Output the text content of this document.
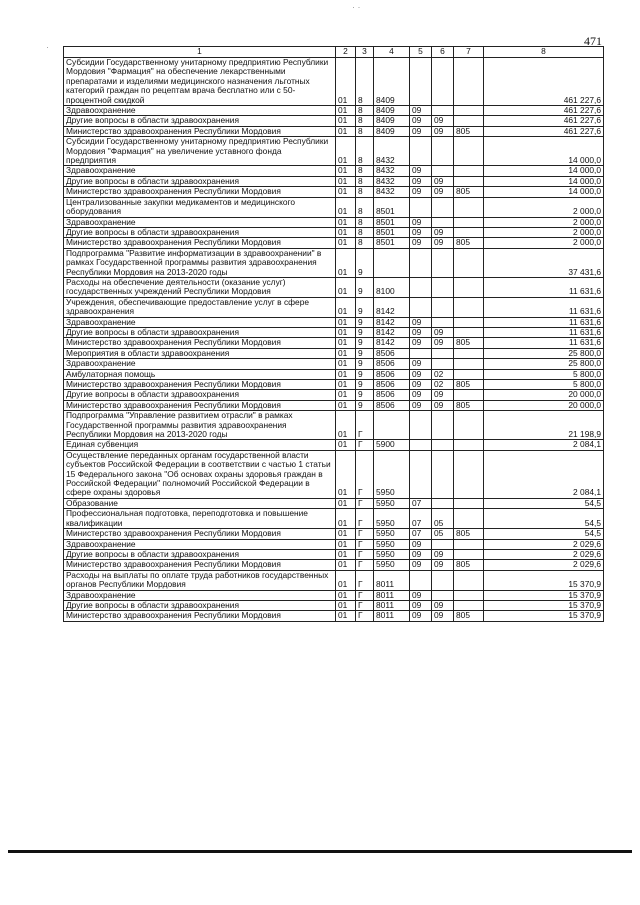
471
· ·
·	1	2	3	4	5	6	7	8
Субсидии Государственному унитарному предприятию Республики Мордовия "Фармация" на обеспечение лекарственными препаратами и изделиями медицинского назначения льготных категорий граждан по рецептам врача бесплатно или с 50-процентной скидкой	01	8	8409				461 227,6
Здравоохранение	01	8	8409	09			461 227,6
Другие вопросы в области здравоохранения	01	8	8409	09	09		461 227,6
Министерство здравоохранения Республики Мордовия	01	8	8409	09	09	805	461 227,6
Субсидии Государственному унитарному предприятию Республики Мордовия "Фармация" на увеличение уставного фонда предприятия	01	8	8432				14 000,0
Здравоохранение	01	8	8432	09			14 000,0
Другие вопросы в области здравоохранения	01	8	8432	09	09		14 000,0
Министерство здравоохранения Республики Мордовия	01	8	8432	09	09	805	14 000,0
Централизованные закупки медикаментов и медицинского оборудования	01	8	8501				2 000,0
Здравоохранение	01	8	8501	09			2 000,0
Другие вопросы в области здравоохранения	01	8	8501	09	09		2 000,0
Министерство здравоохранения Республики Мордовия	01	8	8501	09	09	805	2 000,0
Подпрограмма "Развитие информатизации в здравоохранении" в рамках Государственной программы развития здравоохранения Республики Мордовия на 2013-2020 годы	01	9					37 431,6
Расходы на обеспечение деятельности (оказание услуг) государственных учреждений Республики Мордовия	01	9	8100				11 631,6
Учреждения, обеспечивающие предоставление услуг в сфере здравоохранения	01	9	8142				11 631,6
Здравоохранение	01	9	8142	09			11 631,6
Другие вопросы в области здравоохранения	01	9	8142	09	09		11 631,6
Министерство здравоохранения Республики Мордовия	01	9	8142	09	09	805	11 631,6
Мероприятия в области здравоохранения	01	9	8506				25 800,0
Здравоохранение	01	9	8506	09			25 800,0
Амбулаторная помощь	01	9	8506	09	02		5 800,0
Министерство здравоохранения Республики Мордовия	01	9	8506	09	02	805	5 800,0
Другие вопросы в области здравоохранения	01	9	8506	09	09		20 000,0
Министерство здравоохранения Республики Мордовия	01	9	8506	09	09	805	20 000,0
Подпрограмма "Управление развитием отрасли" в рамках Государственной программы развития здравоохранения Республики Мордовия на 2013-2020 годы	01	Г					21 198,9
Единая субвенция	01	Г	5900				2 084,1
Осуществление переданных органам государственной власти субъектов Российской Федерации в соответствии с частью 1 статьи 15 Федерального закона "Об основах охраны здоровья граждан в Российской Федерации" полномочий Российской Федерации в сфере охраны здоровья	01	Г	5950				2 084,1
Образование	01	Г	5950	07			54,5
Профессиональная подготовка, переподготовка и повышение квалификации	01	Г	5950	07	05		54,5
Министерство здравоохранения Республики Мордовия	01	Г	5950	07	05	805	54,5
Здравоохранение	01	Г	5950	09			2 029,6
Другие вопросы в области здравоохранения	01	Г	5950	09	09		2 029,6
Министерство здравоохранения Республики Мордовия	01	Г	5950	09	09	805	2 029,6
Расходы на выплаты по оплате труда работников государственных органов Республики Мордовия	01	Г	8011				15 370,9
Здравоохранение	01	Г	8011	09			15 370,9
Другие вопросы в области здравоохранения	01	Г	8011	09	09		15 370,9
Министерство здравоохранения Республики Мордовия	01	Г	8011	09	09	805	15 370,9
